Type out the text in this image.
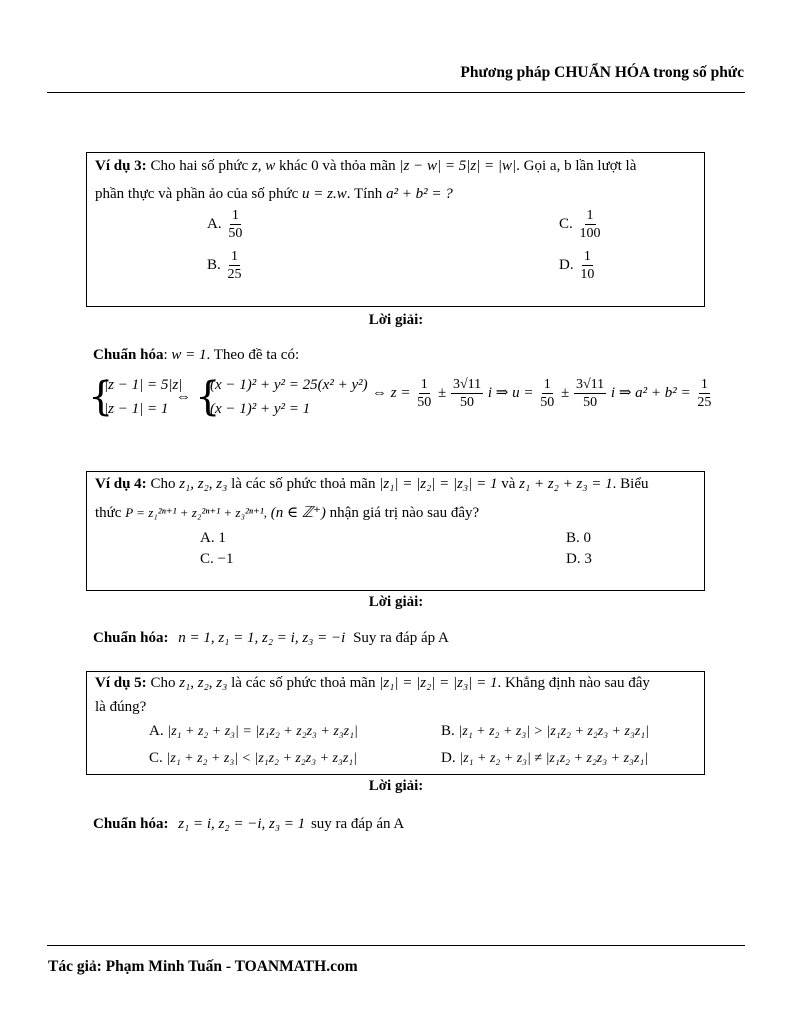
Phương pháp CHUẨN HÓA trong số phức
Ví dụ 3: Cho hai số phức z, w khác 0 và thỏa mãn |z − w| = 5|z| = |w|. Gọi a, b lần lượt là
phần thực và phần ảo của số phức u = z.w. Tính a² + b² = ?
A. $\frac{1}{50}$
B. $\frac{1}{25}$
C. $\frac{1}{100}$
D. $\frac{1}{10}$
Lời giải:
Chuẩn hóa: w = 1. Theo đề ta có:
{
|z − 1| = 5|z|
|z − 1| = 1
⇔ {
(x − 1)² + y² = 25(x² + y²)
(x − 1)² + y² = 1
⇔ $z = \frac{1}{50} \pm \frac{3√11}{50}$ i ⇒ $u = \frac{1}{50} \pm \frac{3√11}{50}$ i ⇒ $a^2 + b^2 = \frac{1}{25}$
Ví dụ 4: Cho z₁, z₂, z₃ là các số phức thoả mãn |z₁| = |z₂| = |z₃| = 1 và z₁ + z₂ + z₃ = 1. Biểu
thức P = z₁²ⁿ⁺¹ + z₂²ⁿ⁺¹ + z₃²ⁿ⁺¹, (n ∈ ℤ⁺) nhận giá trị nào sau đây?
A. 1
C. −1
B. 0
D. 3
Lời giải:
Chuẩn hóa: n = 1, z₁ = 1, z₂ = i, z₃ = −i Suy ra đáp áp A
Ví dụ 5: Cho z₁, z₂, z₃ là các số phức thoả mãn |z₁| = |z₂| = |z₃| = 1. Khẳng định nào sau đây
là đúng?
A. |z₁ + z₂ + z₃| = |z₁z₂ + z₂z₃ + z₃z₁|
C. |z₁ + z₂ + z₃| < |z₁z₂ + z₂z₃ + z₃z₁|
B. |z₁ + z₂ + z₃| > |z₁z₂ + z₂z₃ + z₃z₁|
D. |z₁ + z₂ + z₃| ≠ |z₁z₂ + z₂z₃ + z₃z₁|
Lời giải:
Chuẩn hóa: z₁ = i, z₂ = −i, z₃ = 1 suy ra đáp án A
Tác giả: Phạm Minh Tuấn - TOANMATH.com
